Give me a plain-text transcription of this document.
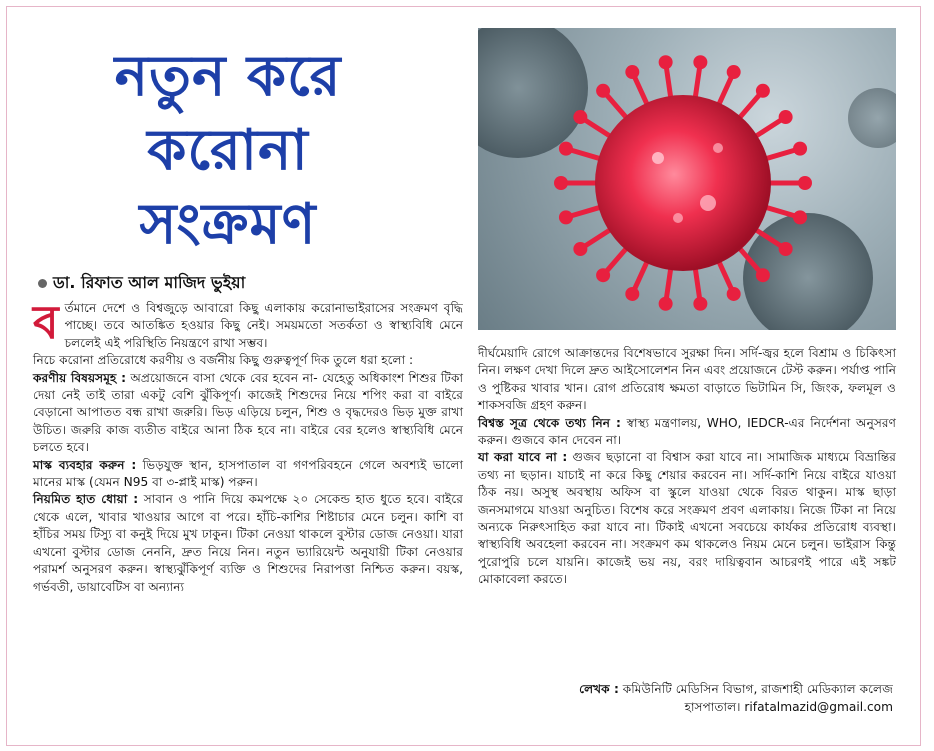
নতুন করে
করোনা
সংক্রমণ
ডা. রিফাত আল মাজিদ ভুইয়া

বর্তমানে দেশে ও বিশ্বজুড়ে আবারো কিছু এলাকায় করোনাভাইরাসের সংক্রমণ বৃদ্ধি পাচ্ছে। তবে আতঙ্কিত হওয়ার কিছু নেই। সময়মতো সতর্কতা ও স্বাস্থ্যবিধি মেনে চললেই এই পরিস্থিতি নিয়ন্ত্রণে রাখা সম্ভব।

নিচে করোনা প্রতিরোধে করণীয় ও বর্জনীয় কিছু গুরুত্বপূর্ণ দিক তুলে ধরা হলো :

করণীয় বিষয়সমূহ : অপ্রয়োজনে বাসা থেকে বের হবেন না- যেহেতু অধিকাংশ শিশুর টিকা দেয়া নেই তাই তারা একটু বেশি ঝুঁকিপূর্ণ। কাজেই শিশুদের নিয়ে শপিং করা বা বাইরে বেড়ানো আপাতত বন্ধ রাখা জরুরি। ভিড় এড়িয়ে চলুন, শিশু ও বৃদ্ধদেরও ভিড় মুক্ত রাখা উচিত। জরুরি কাজ ব্যতীত বাইরে আনা ঠিক হবে না। বাইরে বের হলেও স্বাস্থ্যবিধি মেনে চলতে হবে।

মাস্ক ব্যবহার করুন : ভিড়যুক্ত স্থান, হাসপাতাল বা গণপরিবহনে গেলে অবশ্যই ভালো মানের মাস্ক (যেমন N95 বা ৩-প্লাই মাস্ক) পরুন।

নিয়মিত হাত ধোয়া : সাবান ও পানি দিয়ে কমপক্ষে ২০ সেকেন্ড হাত ধুতে হবে। বাইরে থেকে এলে, খাবার খাওয়ার আগে বা পরে। হাঁচি-কাশির শিষ্টাচার মেনে চলুন। কাশি বা হাঁচির সময় টিস্যু বা কনুই দিয়ে মুখ ঢাকুন। টিকা নেওয়া থাকলে বুস্টার ডোজ নেওয়া। যারা এখনো বুস্টার ডোজ নেননি, দ্রুত নিয়ে নিন। নতুন ভ্যারিয়েন্ট অনুযায়ী টিকা নেওয়ার পরামর্শ অনুসরণ করুন। স্বাস্থ্যঝুঁকিপূর্ণ ব্যক্তি ও শিশুদের নিরাপত্তা নিশ্চিত করুন। বয়স্ক, গর্ভবতী, ডায়াবেটিস বা অন্যান্য

দীর্ঘমেয়াদি রোগে আক্রান্তদের বিশেষভাবে সুরক্ষা দিন। সর্দি-জ্বর হলে বিশ্রাম ও চিকিৎসা নিন। লক্ষণ দেখা দিলে দ্রুত আইসোলেশন নিন এবং প্রয়োজনে টেস্ট করুন। পর্যাপ্ত পানি ও পুষ্টিকর খাবার খান। রোগ প্রতিরোধ ক্ষমতা বাড়াতে ভিটামিন সি, জিংক, ফলমূল ও শাকসবজি গ্রহণ করুন।

বিশ্বস্ত সূত্র থেকে তথ্য নিন : স্বাস্থ্য মন্ত্রণালয়, WHO, IEDCR-এর নির্দেশনা অনুসরণ করুন। গুজবে কান দেবেন না।

যা করা যাবে না : গুজব ছড়ানো বা বিশ্বাস করা যাবে না। সামাজিক মাধ্যমে বিভ্রান্তির তথ্য না ছড়ান। যাচাই না করে কিছু শেয়ার করবেন না। সর্দি-কাশি নিয়ে বাইরে যাওয়া ঠিক নয়। অসুস্থ অবস্থায় অফিস বা স্কুলে যাওয়া থেকে বিরত থাকুন। মাস্ক ছাড়া জনসমাগমে যাওয়া অনুচিত। বিশেষ করে সংক্রমণ প্রবণ এলাকায়। নিজে টিকা না নিয়ে অন্যকে নিরুৎসাহিত করা যাবে না। টিকাই এখনো সবচেয়ে কার্যকর প্রতিরোধ ব্যবস্থা। স্বাস্থ্যবিধি অবহেলা করবেন না। সংক্রমণ কম থাকলেও নিয়ম মেনে চলুন। ভাইরাস কিন্তু পুরোপুরি চলে যায়নি। কাজেই ভয় নয়, বরং দায়িত্ববান আচরণই পারে এই সঙ্কট মোকাবেলা করতে।

লেখক : কমিউনিটি মেডিসিন বিভাগ, রাজশাহী মেডিক্যাল কলেজ
হাসপাতাল। rifatalmazid@gmail.com
